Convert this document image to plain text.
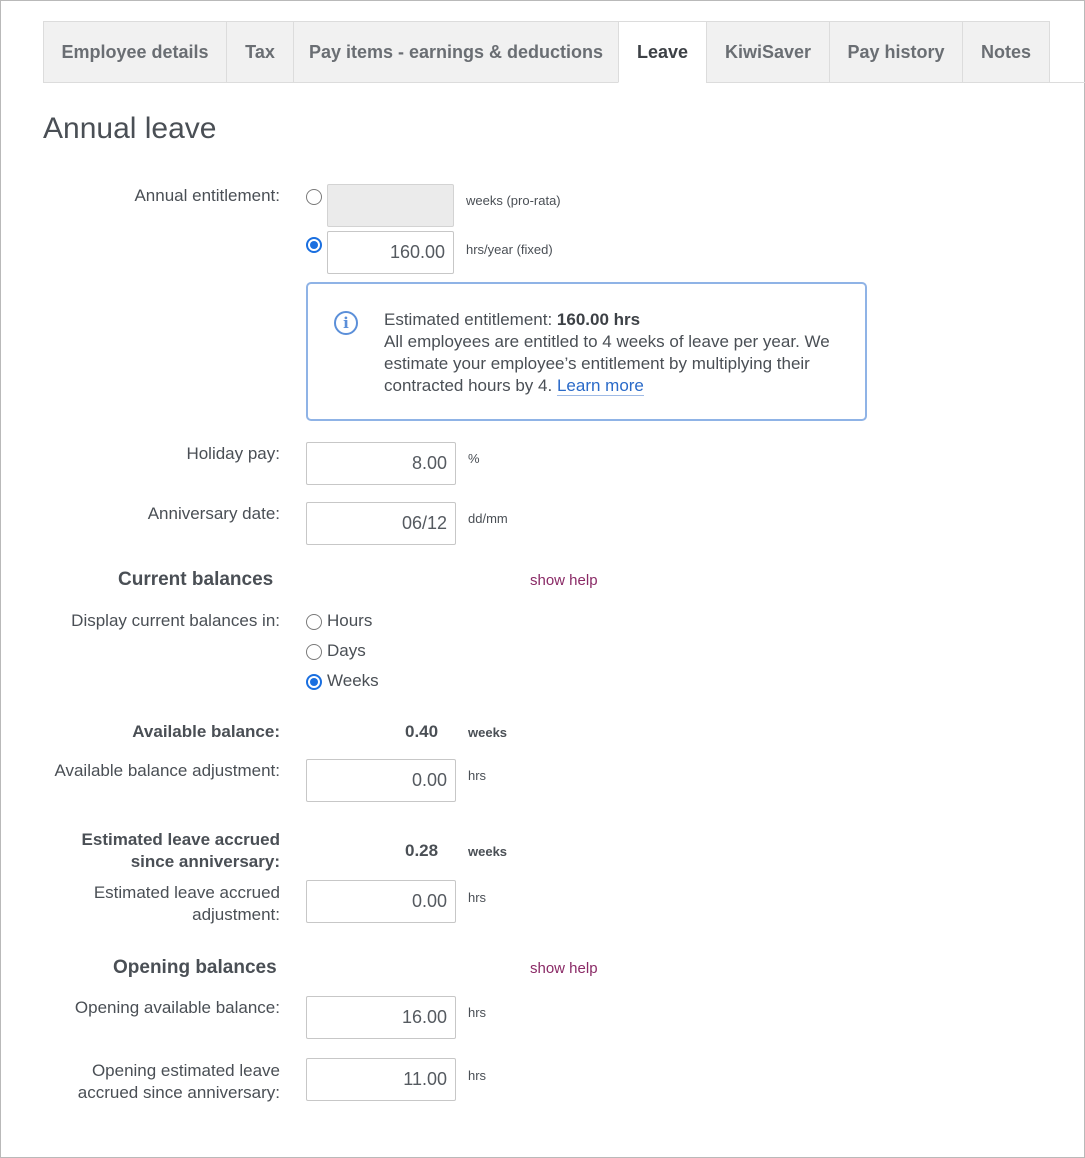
Employee details	Tax	Pay items - earnings & deductions	Leave	KiwiSaver	Pay history	Notes
Annual leave
Annual entitlement:	weeks (pro-rata)
160.00
hrs/year (fixed)
i	Estimated entitlement: 160.00 hrs
All employees are entitled to 4 weeks of leave per year. We estimate your employee’s entitlement by multiplying their contracted hours by 4. Learn more
Holiday pay:
8.00	%
Anniversary date:
06/12	dd/mm
Current balances	show help
Display current balances in:	Hours
Days
Weeks
Available balance:	0.40 weeks
Available balance adjustment:
0.00	hrs
Estimated leave accrued
since anniversary:
0.28 weeks
Estimated leave accrued
adjustment:
0.00
hrs
Opening balances	show help
Opening available balance:
16.00	hrs
Opening estimated leave
accrued since anniversary:
11.00
hrs
